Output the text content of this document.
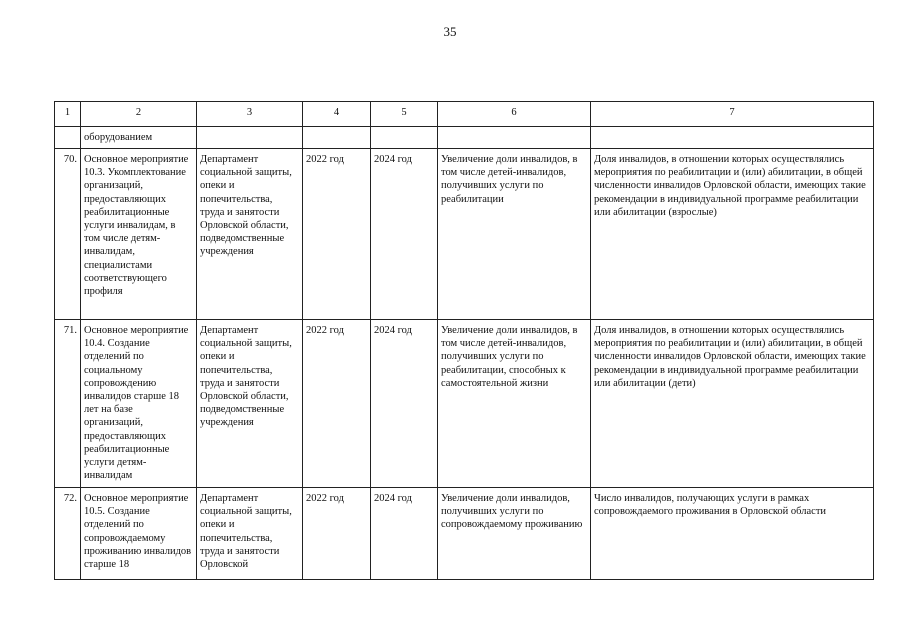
35
1	2	3	4	5	6	7
	оборудованием					
70.	Основное мероприятие 10.3. Укомплектование организаций, предоставляющих реабилитационные услуги инвалидам, в том числе детям-инвалидам, специалистами соответствующего профиля	Департамент социальной защиты, опеки и попечительства, труда и занятости Орловской области, подведомственные учреждения	2022 год	2024 год	Увеличение доли инвалидов, в том числе детей-инвалидов, получивших услуги по реабилитации	Доля инвалидов, в отношении которых осуществлялись мероприятия по реабилитации и (или) абилитации, в общей численности инвалидов Орловской области, имеющих такие рекомендации в индивидуальной программе реабилитации или абилитации (взрослые)
71.	Основное мероприятие 10.4. Создание отделений по социальному сопровождению инвалидов старше 18 лет на базе организаций, предоставляющих реабилитационные услуги детям-инвалидам	Департамент социальной защиты, опеки и попечительства, труда и занятости Орловской области, подведомственные учреждения	2022 год	2024 год	Увеличение доли инвалидов, в том числе детей-инвалидов, получивших услуги по реабилитации, способных к самостоятельной жизни	Доля инвалидов, в отношении которых осуществлялись мероприятия по реабилитации и (или) абилитации, в общей численности инвалидов Орловской области, имеющих такие рекомендации в индивидуальной программе реабилитации или абилитации (дети)
72.	Основное мероприятие 10.5. Создание отделений по сопровождаемому проживанию инвалидов старше 18	Департамент социальной защиты, опеки и попечительства, труда и занятости Орловской	2022 год	2024 год	Увеличение доли инвалидов, получивших услуги по сопровождаемому проживанию	Число инвалидов, получающих услуги в рамках сопровождаемого проживания в Орловской области
